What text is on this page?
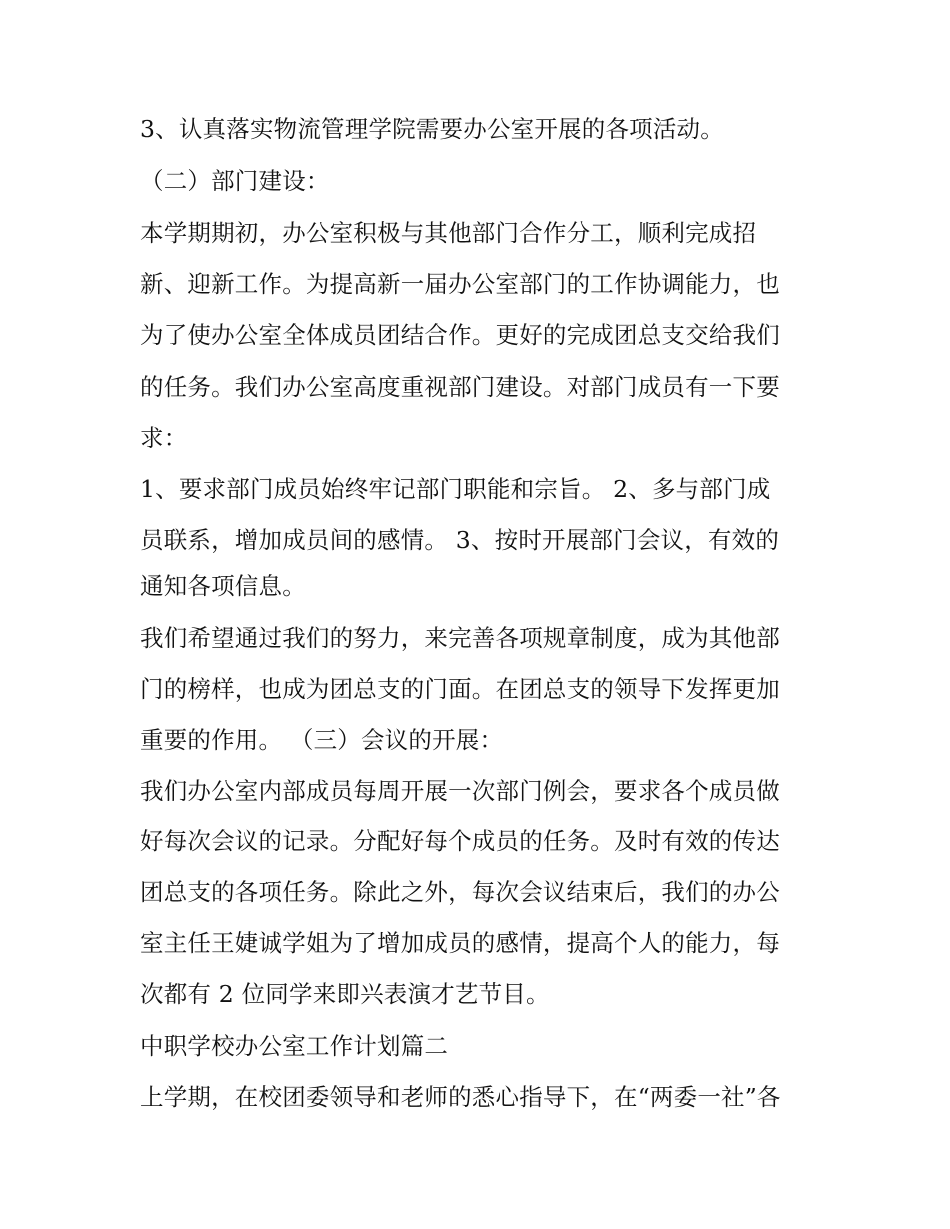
3、认真落实物流管理学院需要办公室开展的各项活动。
（二）部门建设：
本学期期初，办公室积极与其他部门合作分工，顺利完成招
新、迎新工作。为提高新一届办公室部门的工作协调能力，也
为了使办公室全体成员团结合作。更好的完成团总支交给我们
的任务。我们办公室高度重视部门建设。对部门成员有一下要
求：
1、要求部门成员始终牢记部门职能和宗旨。 2、多与部门成
员联系，增加成员间的感情。 3、按时开展部门会议，有效的
通知各项信息。
我们希望通过我们的努力，来完善各项规章制度，成为其他部
门的榜样，也成为团总支的门面。在团总支的领导下发挥更加
重要的作用。 （三）会议的开展：
我们办公室内部成员每周开展一次部门例会，要求各个成员做
好每次会议的记录。分配好每个成员的任务。及时有效的传达
团总支的各项任务。除此之外，每次会议结束后，我们的办公
室主任王婕诚学姐为了增加成员的感情，提高个人的能力，每
次都有 2 位同学来即兴表演才艺节目。
中职学校办公室工作计划篇二
上学期，在校团委领导和老师的悉心指导下，在“两委一社”各
